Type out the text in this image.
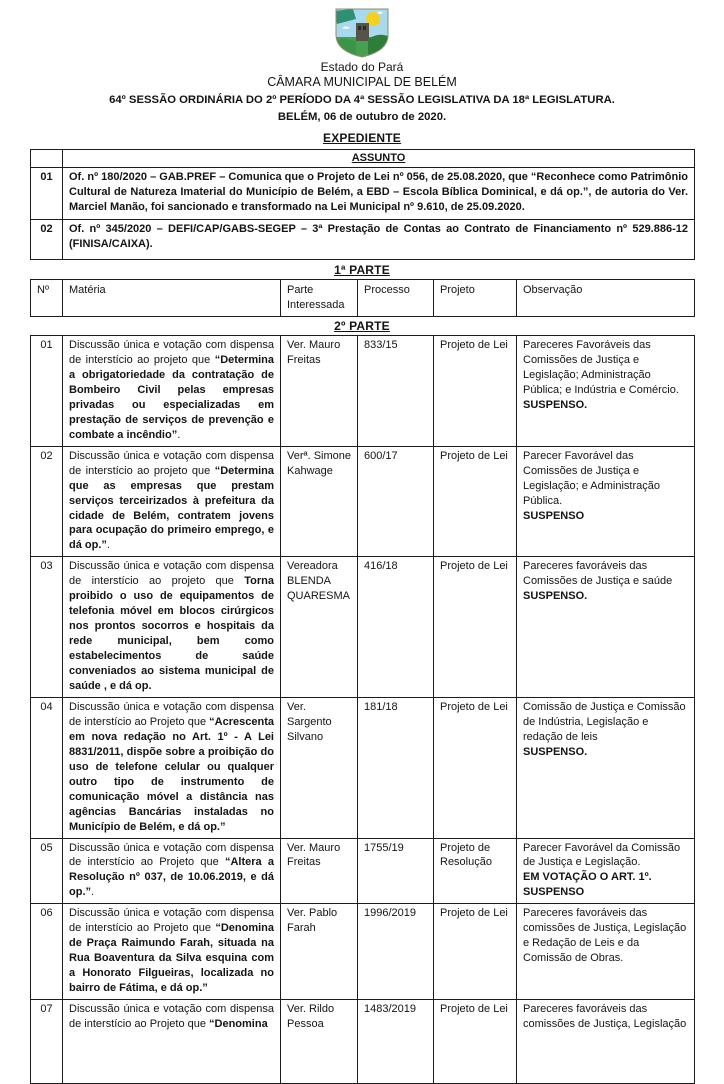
Estado do Pará
CÂMARA MUNICIPAL DE BELÉM
64º SESSÃO ORDINÁRIA DO 2º PERÍODO DA 4ª SESSÃO LEGISLATIVA DA 18ª LEGISLATURA.
BELÉM, 06 de outubro de 2020.
EXPEDIENTE
	ASSUNTO
01	Of. nº 180/2020 – GAB.PREF – Comunica que o Projeto de Lei nº 056, de 25.08.2020, que “Reconhece como Patrimônio Cultural de Natureza Imaterial do Município de Belém, a EBD – Escola Bíblica Dominical, e dá op.”, de autoria do Ver. Marciel Manão, foi sancionado e transformado na Lei Municipal nº 9.610, de 25.09.2020.
02	Of. nº 345/2020 – DEFI/CAP/GABS-SEGEP – 3ª Prestação de Contas ao Contrato de Financiamento nº 529.886-12 (FINISA/CAIXA).
1ª PARTE
Nº	Matéria	Parte Interessada	Processo	Projeto	Observação
2º PARTE
01	Discussão única e votação com dispensa de interstício ao projeto que “Determina a obrigatoriedade da contratação de Bombeiro Civil pelas empresas privadas ou especializadas em prestação de serviços de prevenção e combate a incêndio”.	Ver. Mauro Freitas	833/15	Projeto de Lei	Pareceres Favoráveis das Comissões de Justiça e Legislação; Administração Pública; e Indústria e Comércio.
SUSPENSO.

02	Discussão única e votação com dispensa de interstício ao projeto que “Determina que as empresas que prestam serviços terceirizados à prefeitura da cidade de Belém, contratem jovens para ocupação do primeiro emprego, e dá op.”.	Verª. Simone Kahwage	600/17	Projeto de Lei	Parecer Favorável das Comissões de Justiça e Legislação; e Administração Pública.
SUSPENSO

03	Discussão única e votação com dispensa de interstício ao projeto que Torna proibido o uso de equipamentos de telefonia móvel em blocos cirúrgicos nos prontos socorros e hospitais da rede municipal, bem como estabelecimentos de saúde conveniados ao sistema municipal de saúde , e dá op.	Vereadora BLENDA QUARESMA	416/18	Projeto de Lei	Pareceres favoráveis das Comissões de Justiça e saúde
SUSPENSO.

04	Discussão única e votação com dispensa de interstício ao Projeto que “Acrescenta em nova redação no Art. 1º - A Lei 8831/2011, dispõe sobre a proibição do uso de telefone celular ou qualquer outro tipo de instrumento de comunicação móvel a distância nas agências Bancárias instaladas no Município de Belém, e dá op.”	Ver. Sargento Silvano	181/18	Projeto de Lei	Comissão de Justiça e Comissão de Indústria, Legislação e redação de leis
SUSPENSO.

05	Discussão única e votação com dispensa de interstício ao Projeto que “Altera a Resolução nº 037, de 10.06.2019, e dá op.”.	Ver. Mauro Freitas	1755/19	Projeto de Resolução	Parecer Favorável da Comissão de Justiça e Legislação.
EM VOTAÇÃO O ART. 1º.
SUSPENSO

06	Discussão única e votação com dispensa de interstício ao Projeto que “Denomina de Praça Raimundo Farah, situada na Rua Boaventura da Silva esquina com a Honorato Filgueiras, localizada no bairro de Fátima, e dá op.”	Ver. Pablo Farah	1996/2019	Projeto de Lei	Pareceres favoráveis das comissões de Justiça, Legislação e Redação de Leis e da Comissão de Obras.

07	Discussão única e votação com dispensa de interstício ao Projeto que “Denomina	Ver. Rildo Pessoa	1483/2019	Projeto de Lei	Pareceres favoráveis das comissões de Justiça, Legislação
